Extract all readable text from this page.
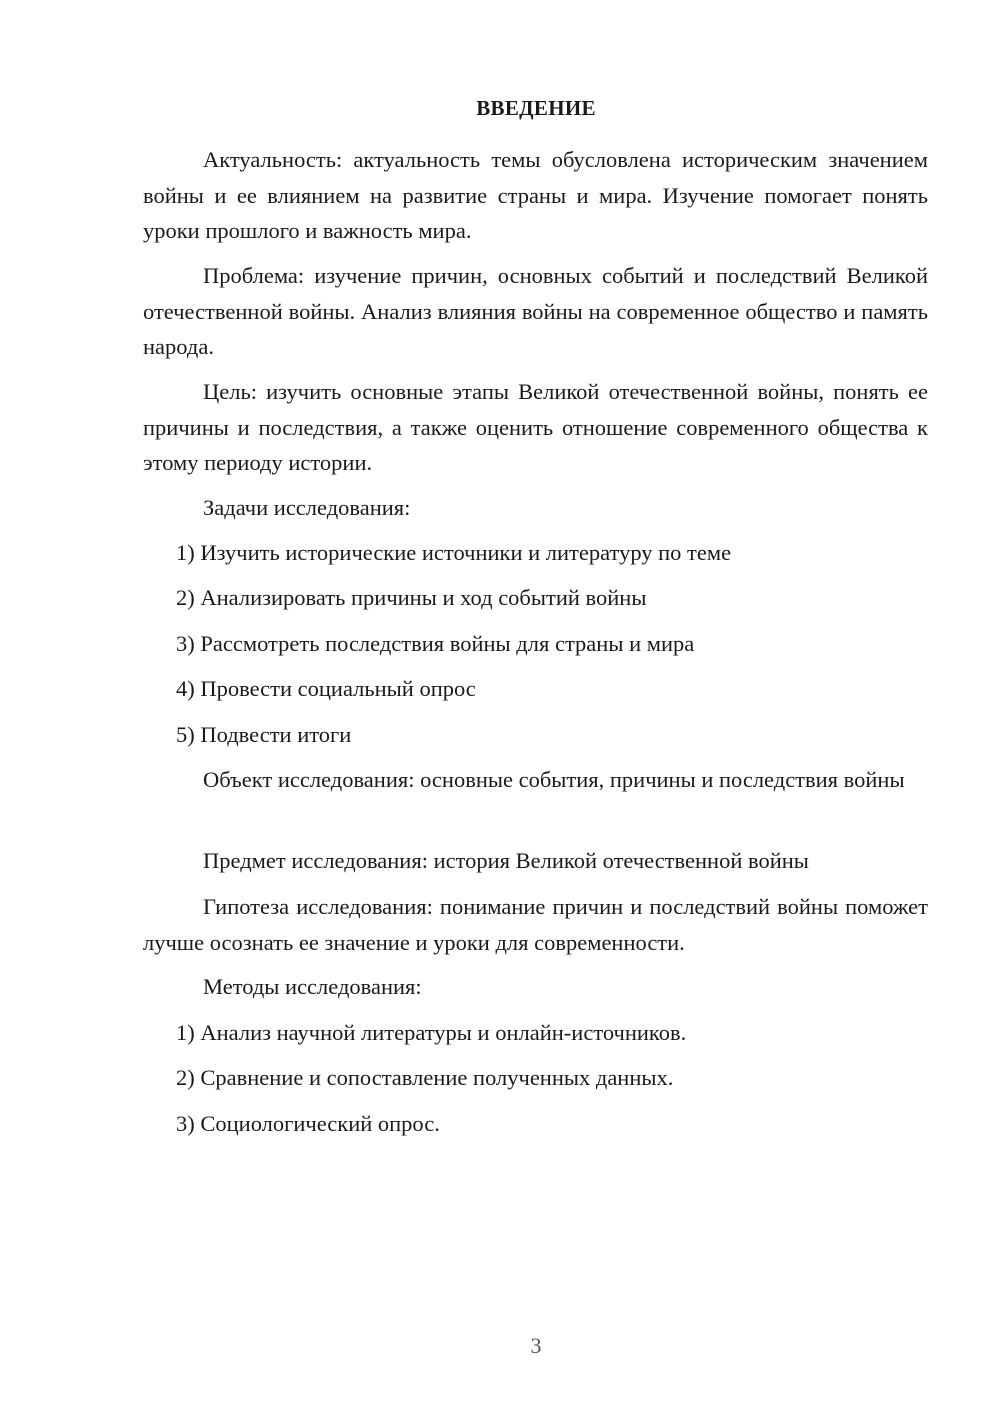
ВВЕДЕНИЕ

Актуальность: актуальность темы обусловлена историческим значением войны и ее влиянием на развитие страны и мира. Изучение помогает понять уроки прошлого и важность мира.

Проблема: изучение причин, основных событий и последствий Великой отечественной войны. Анализ влияния войны на современное общество и память народа.

Цель: изучить основные этапы Великой отечественной войны, понять ее причины и последствия, а также оценить отношение современного общества к этому периоду истории.

Задачи исследования:

1) Изучить исторические источники и литературу по теме

2) Анализировать причины и ход событий войны

3) Рассмотреть последствия войны для страны и мира

4) Провести социальный опрос

5) Подвести итоги

Объект исследования: основные события, причины и последствия войны

Предмет исследования: история Великой отечественной войны

Гипотеза исследования: понимание причин и последствий войны поможет лучше осознать ее значение и уроки для современности.

Методы исследования:

1) Анализ научной литературы и онлайн-источников.

2) Сравнение и сопоставление полученных данных.

3) Социологический опрос.

3
